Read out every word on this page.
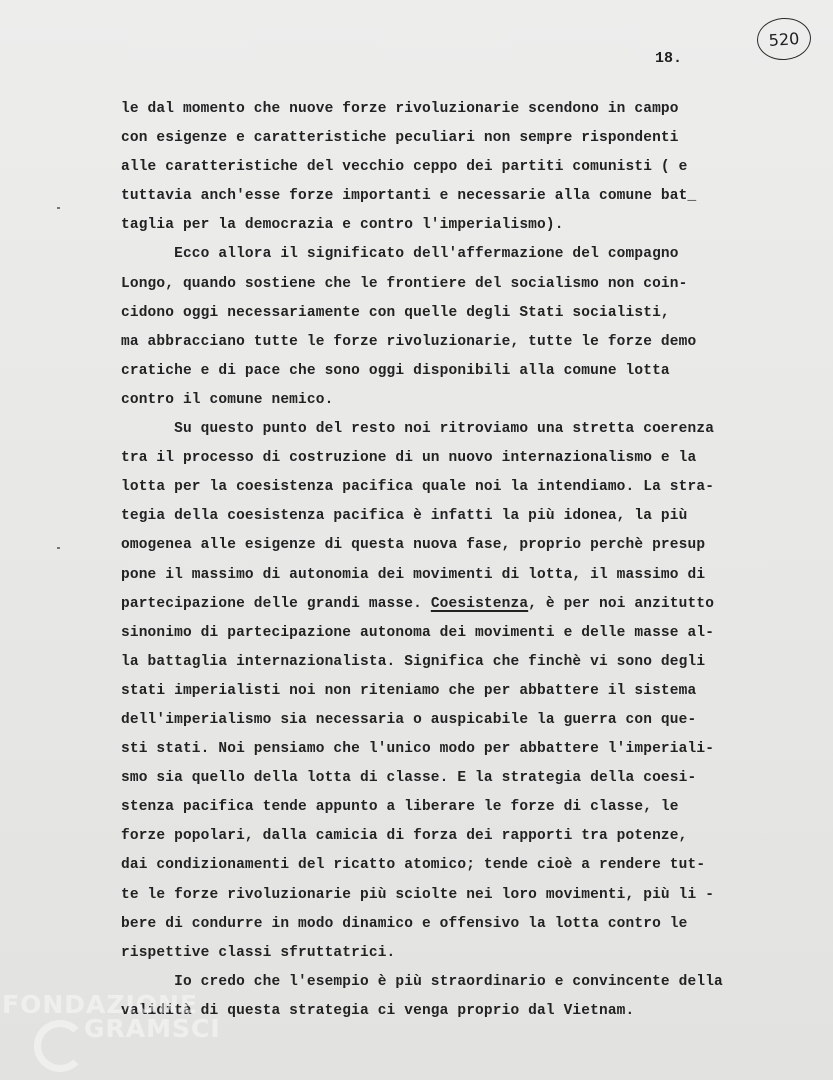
520
18.
le dal momento che nuove forze rivoluzionarie scendono in campo
con esigenze e caratteristiche peculiari non sempre rispondenti
alle caratteristiche del vecchio ceppo dei partiti comunisti ( e
tuttavia anch'esse forze importanti e necessarie alla comune bat_
taglia per la democrazia e contro l'imperialismo).
Ecco allora il significato dell'affermazione del compagno
Longo, quando sostiene che le frontiere del socialismo non coin-
cidono oggi necessariamente con quelle degli Stati socialisti,
ma abbracciano tutte le forze rivoluzionarie, tutte le forze demo
cratiche e di pace che sono oggi disponibili alla comune lotta
contro il comune nemico.
Su questo punto del resto noi ritroviamo una stretta coerenza
tra il processo di costruzione di un nuovo internazionalismo e la
lotta per la coesistenza pacifica quale noi la intendiamo. La stra-
tegia della coesistenza pacifica è infatti la più idonea, la più
omogenea alle esigenze di questa nuova fase, proprio perchè presup
pone il massimo di autonomia dei movimenti di lotta, il massimo di
partecipazione delle grandi masse. Coesistenza, è per noi anzitutto
sinonimo di partecipazione autonoma dei movimenti e delle masse al-
la battaglia internazionalista. Significa che finchè vi sono degli
stati imperialisti noi non riteniamo che per abbattere il sistema
dell'imperialismo sia necessaria o auspicabile la guerra con que-
sti stati. Noi pensiamo che l'unico modo per abbattere l'imperiali-
smo sia quello della lotta di classe. E la strategia della coesi-
stenza pacifica tende appunto a liberare le forze di classe, le
forze popolari, dalla camicia di forza dei rapporti tra potenze,
dai condizionamenti del ricatto atomico; tende cioè a rendere tut-
te le forze rivoluzionarie più sciolte nei loro movimenti, più li -
bere di condurre in modo dinamico e offensivo la lotta contro le
rispettive classi sfruttatrici.
Io credo che l'esempio è più straordinario e convincente della
validità di questa strategia ci venga proprio dal Vietnam.
FONDAZIONE
GRAMSCI
